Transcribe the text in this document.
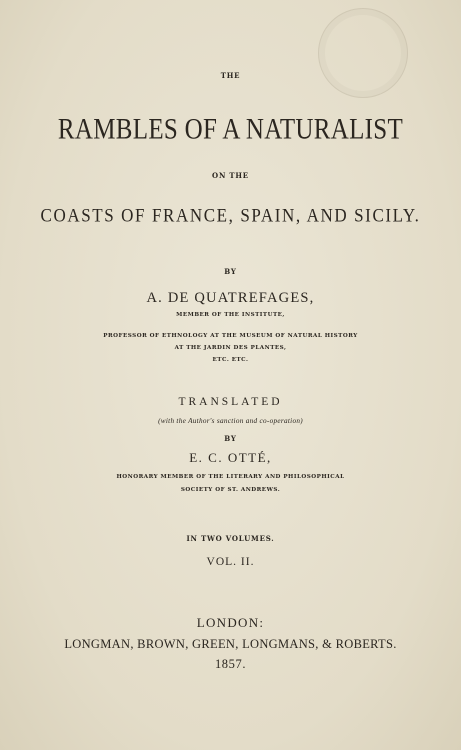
THE
RAMBLES OF A NATURALIST
ON THE
COASTS OF FRANCE, SPAIN, AND SICILY.
BY
A. DE QUATREFAGES,
MEMBER OF THE INSTITUTE,
PROFESSOR OF ETHNOLOGY AT THE MUSEUM OF NATURAL HISTORY
AT THE JARDIN DES PLANTES,
ETC. ETC.
TRANSLATED
(with the Author's sanction and co-operation)
BY
E. C. OTTÉ,
HONORARY MEMBER OF THE LITERARY AND PHILOSOPHICAL
SOCIETY OF ST. ANDREWS.
IN TWO VOLUMES.
VOL. II.
LONDON:
LONGMAN, BROWN, GREEN, LONGMANS, & ROBERTS.
1857.
